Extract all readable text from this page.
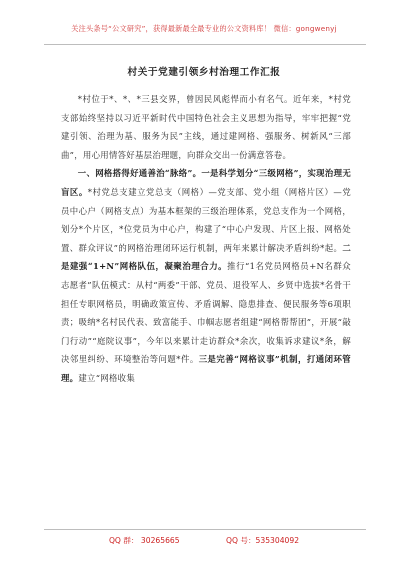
关注头条号“公文研究”，获得最新最全最专业的公文资料库！ 微信：gongwenyj
村关于党建引领乡村治理工作汇报

*村位于*、*、*三县交界，曾因民风彪悍而小有名气。近年来，*村党支部始终坚持以习近平新时代中国特色社会主义思想为指导，牢牢把握“党建引领、治理为基、服务为民”主线，通过建网格、强服务、树新风“三部曲”，用心用情答好基层治理题，向群众交出一份满意答卷。

一、网格搭得好通善治“脉络”。一是科学划分“三级网格”，实现治理无盲区。*村党总支建立党总支（网格）—党支部、党小组（网格片区）—党员中心户（网格支点）为基本框架的三级治理体系，党总支作为一个网格，划分*个片区，*位党员为中心户，构建了“中心户发现、片区上报、网格处置、群众评议”的网格治理闭环运行机制，两年来累计解决矛盾纠纷*起。二是建强“1+N”网格队伍，凝聚治理合力。推行“1名党员网格员+N名群众志愿者”队伍模式：从村“两委”干部、党员、退役军人、乡贤中选拔*名骨干担任专职网格员，明确政策宣传、矛盾调解、隐患排查、便民服务等6项职责；吸纳*名村民代表、致富能手、巾帼志愿者组建“网格帮帮团”，开展“敲门行动”“庭院议事”，今年以来累计走访群众*余次，收集诉求建议*条，解决邻里纠纷、环境整治等问题*件。三是完善“网格议事”机制，打通闭环管理。建立“网格收集

QQ 群： 30265665	QQ 号：535304092
